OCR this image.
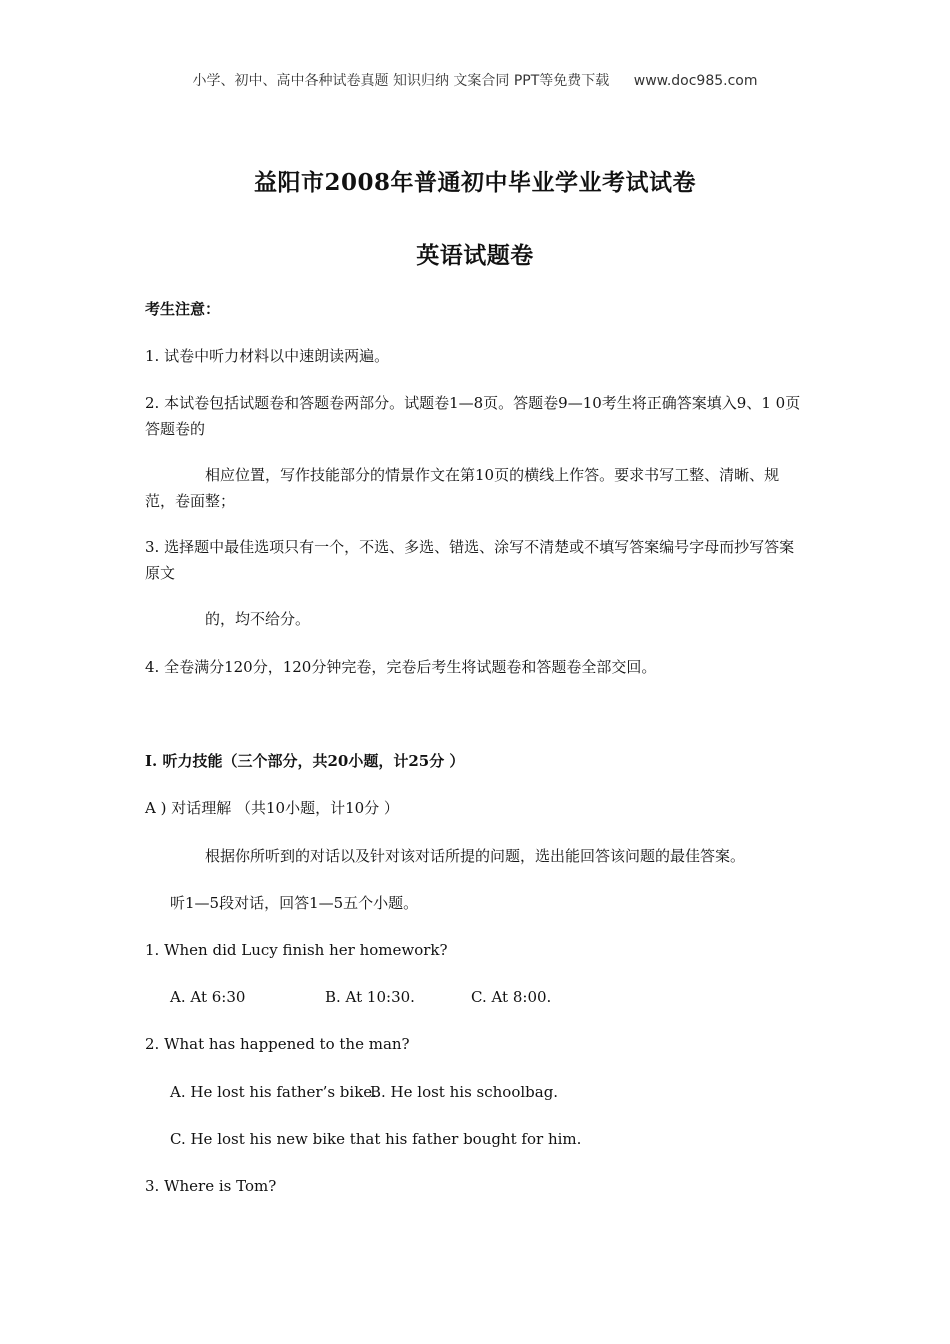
小学、初中、高中各种试卷真题 知识归纳 文案合同 PPT等免费下载 www.doc985.com
益阳市2008年普通初中毕业学业考试试卷
英语试题卷
考生注意：
1. 试卷中听力材料以中速朗读两遍。
2. 本试卷包括试题卷和答题卷两部分。试题卷1—8页。答题卷9—10考生将正确答案填入9、1 0页答题卷的
相应位置，写作技能部分的情景作文在第10页的横线上作答。要求书写工整、清晰、规范，卷面整；
3. 选择题中最佳选项只有一个，不选、多选、错选、涂写不清楚或不填写答案编号字母而抄写答案原文
的，均不给分。
4. 全卷满分120分，120分钟完卷，完卷后考生将试题卷和答题卷全部交回。
I. 听力技能（三个部分，共20小题，计25分 ）
A ) 对话理解 （共10小题，计10分 ）
根据你所听到的对话以及针对该对话所提的问题，选出能回答该问题的最佳答案。
听1—5段对话，回答1—5五个小题。
1. When did Lucy finish her homework?
A. At 6:30	B. At 10:30.	C. At 8:00.
2. What has happened to the man?
A. He lost his father’s bike.B. He lost his schoolbag.
C. He lost his new bike that his father bought for him.
3. Where is Tom?
